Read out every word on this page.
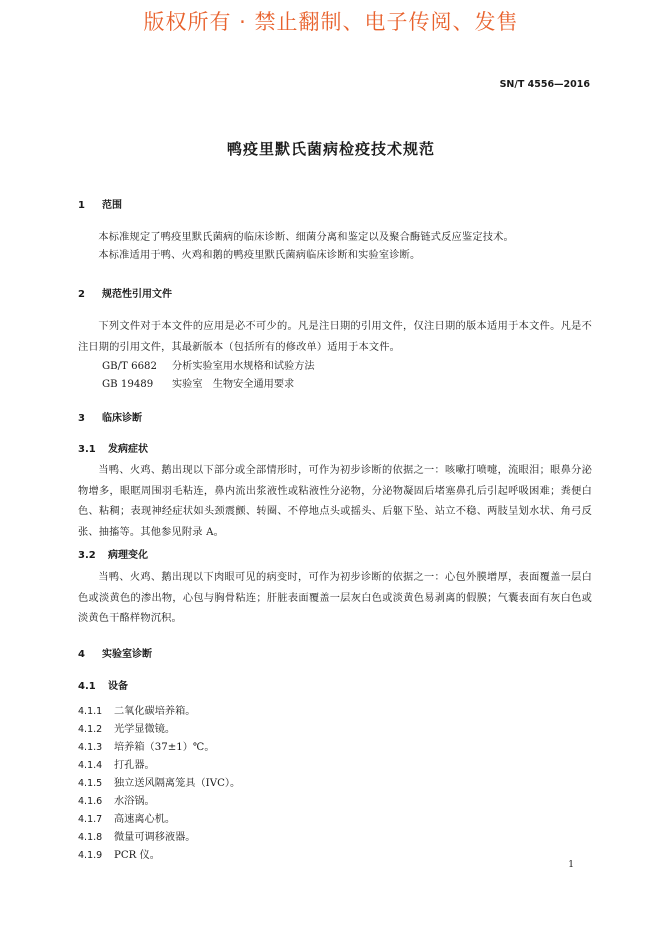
版权所有 · 禁止翻制、电子传阅、发售
SN/T 4556—2016
鸭疫里默氏菌病检疫技术规范
1 范围
本标准规定了鸭疫里默氏菌病的临床诊断、细菌分离和鉴定以及聚合酶链式反应鉴定技术。
本标准适用于鸭、火鸡和鹅的鸭疫里默氏菌病临床诊断和实验室诊断。
2 规范性引用文件
下列文件对于本文件的应用是必不可少的。凡是注日期的引用文件，仅注日期的版本适用于本文件。凡是不注日期的引用文件，其最新版本（包括所有的修改单）适用于本文件。
GB/T 6682 分析实验室用水规格和试验方法
GB 19489 实验室　生物安全通用要求
3 临床诊断
3.1 发病症状
当鸭、火鸡、鹅出现以下部分或全部情形时，可作为初步诊断的依据之一：咳嗽打喷嚏，流眼泪；眼鼻分泌物增多，眼眶周围羽毛粘连，鼻内流出浆液性或粘液性分泌物，分泌物凝固后堵塞鼻孔后引起呼吸困难；粪便白色、粘稠；表现神经症状如头颈震颤、转圈、不停地点头或摇头、后躯下坠、站立不稳、两肢呈划水状、角弓反张、抽搐等。其他参见附录 A。
3.2 病理变化
当鸭、火鸡、鹅出现以下肉眼可见的病变时，可作为初步诊断的依据之一：心包外膜增厚，表面覆盖一层白色或淡黄色的渗出物，心包与胸骨粘连；肝脏表面覆盖一层灰白色或淡黄色易剥离的假膜；气囊表面有灰白色或淡黄色干酪样物沉积。
4 实验室诊断
4.1 设备
4.1.1 二氧化碳培养箱。
4.1.2 光学显微镜。
4.1.3 培养箱（37±1）℃。
4.1.4 打孔器。
4.1.5 独立送风隔离笼具（IVC）。
4.1.6 水浴锅。
4.1.7 高速离心机。
4.1.8 微量可调移液器。
4.1.9 PCR 仪。
1
